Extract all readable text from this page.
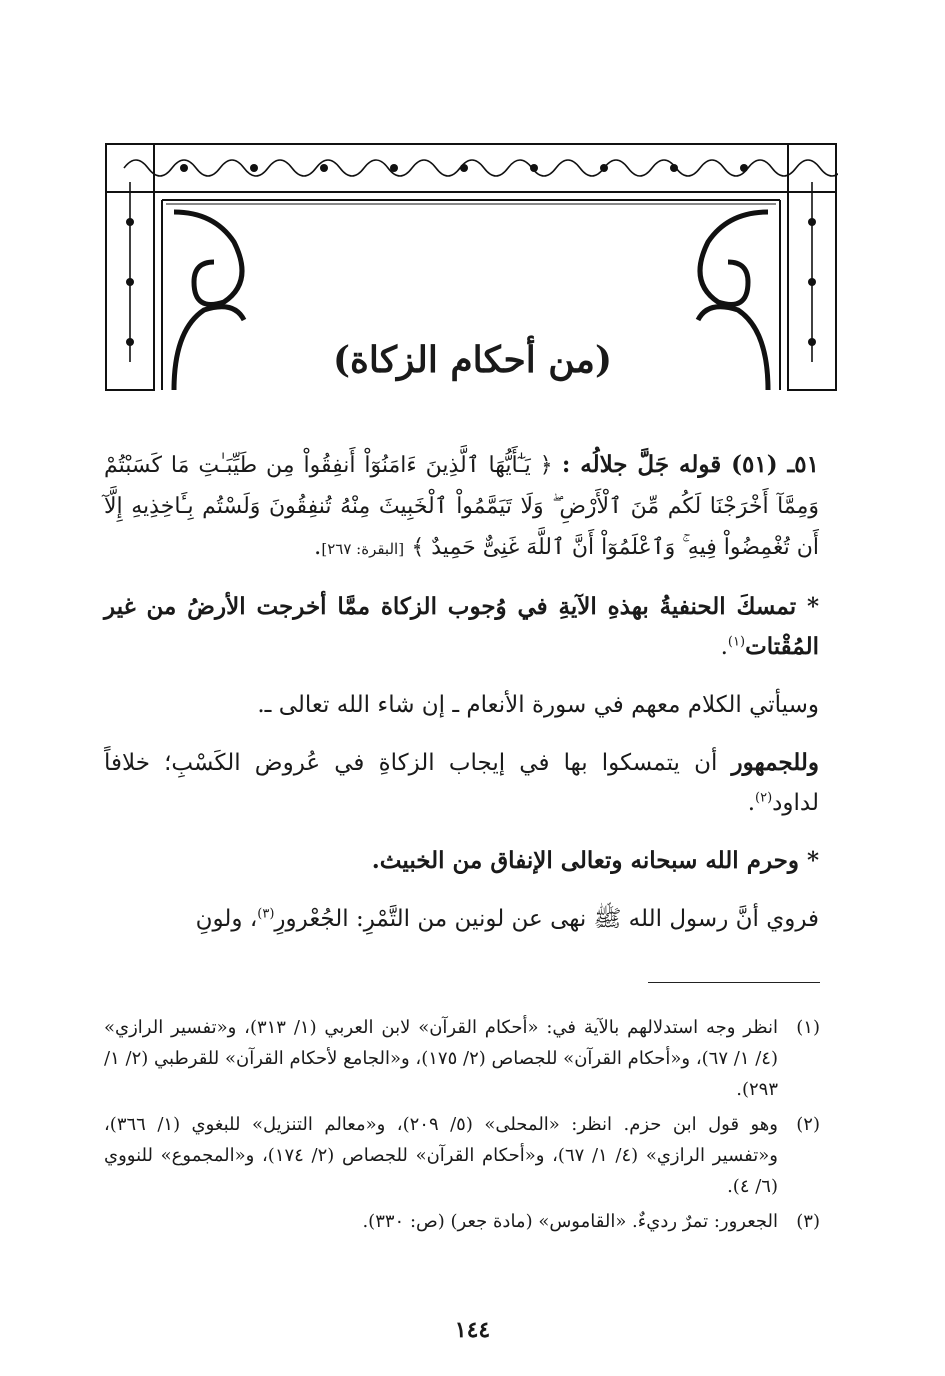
(من أحكام الزكاة)

٥١ـ (٥١) قوله جَلَّ جلالُه : ﴿ يَـٰٓأَيُّهَا ٱلَّذِينَ ءَامَنُوٓاْ أَنفِقُواْ مِن طَيِّبَـٰتِ مَا كَسَبْتُمْ وَمِمَّآ أَخْرَجْنَا لَكُم مِّنَ ٱلْأَرْضِ ۖ وَلَا تَيَمَّمُواْ ٱلْخَبِيثَ مِنْهُ تُنفِقُونَ وَلَسْتُم بِـَٔاخِذِيهِ إِلَّآ أَن تُغْمِضُواْ فِيهِ ۚ وَٱعْلَمُوٓاْ أَنَّ ٱللَّهَ غَنِىٌّ حَمِيدٌ ﴾ [البقرة: ٢٦٧].

* تمسكَ الحنفيةُ بهذهِ الآيةِ في وُجوب الزكاة ممَّا أخرجت الأرضُ من غير المُقْتات$^{(١)}$.

وسيأتي الكلام معهم في سورة الأنعام ـ إن شاء الله تعالى ـ.

وللجمهور أن يتمسكوا بها في إيجاب الزكاةِ في عُروض الكَسْبِ؛ خلافاً لداود$^{(٢)}$.

* وحرم الله سبحانه وتعالى الإنفاق من الخبيث.

فروي أنَّ رسول الله ﷺ نهى عن لونين من التَّمْرِ: الجُعْرورِ$^{(٣)}$، ولونِ

(١)
انظر وجه استدلالهم بالآية في: «أحكام القرآن» لابن العربي (١/ ٣١٣)، و«تفسير الرازي» (٤/ ١/ ٦٧)، و«أحكام القرآن» للجصاص (٢/ ١٧٥)، و«الجامع لأحكام القرآن» للقرطبي (٢/ ١/ ٢٩٣).
(٢)
وهو قول ابن حزم. انظر: «المحلى» (٥/ ٢٠٩)، و«معالم التنزيل» للبغوي (١/ ٣٦٦)، و«تفسير الرازي» (٤/ ١/ ٦٧)، و«أحكام القرآن» للجصاص (٢/ ١٧٤)، و«المجموع» للنووي (٦/ ٤).
(٣)
الجعرور: تمرٌ رديءٌ. «القاموس» (مادة جعر) (ص: ٣٣٠).
١٤٤
